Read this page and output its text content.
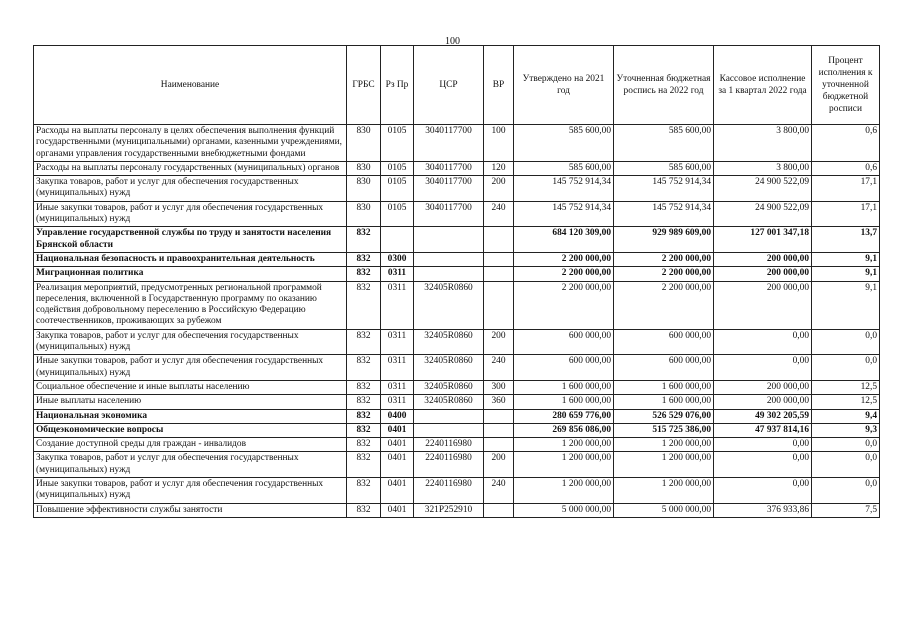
100
Наименование	ГРБС	Рз Пр	ЦСР	ВР	Утверждено на 2021 год	Уточненная бюджетная роспись на 2022 год	Кассовое исполнение за 1 квартал 2022 года	Процент исполнения к уточненной бюджетной росписи
Расходы на выплаты персоналу в целях обеспечения выполнения функций государственными (муниципальными) органами, казенными учреждениями, органами управления государственными внебюджетными фондами	830	0105	3040117700	100	585 600,00	585 600,00	3 800,00	0,6
Расходы на выплаты персоналу государственных (муниципальных) органов	830	0105	3040117700	120	585 600,00	585 600,00	3 800,00	0,6
Закупка товаров, работ и услуг для обеспечения государственных (муниципальных) нужд	830	0105	3040117700	200	145 752 914,34	145 752 914,34	24 900 522,09	17,1
Иные закупки товаров, работ и услуг для обеспечения государственных (муниципальных) нужд	830	0105	3040117700	240	145 752 914,34	145 752 914,34	24 900 522,09	17,1
Управление государственной службы по труду и занятости населения Брянской области	832				684 120 309,00	929 989 609,00	127 001 347,18	13,7
Национальная безопасность и правоохранительная деятельность	832	0300			2 200 000,00	2 200 000,00	200 000,00	9,1
Миграционная политика	832	0311			2 200 000,00	2 200 000,00	200 000,00	9,1
Реализация мероприятий, предусмотренных региональной программой переселения, включенной в Государственную программу по оказанию содействия добровольному переселению в Российскую Федерацию соотечественников, проживающих за рубежом	832	0311	32405R0860		2 200 000,00	2 200 000,00	200 000,00	9,1
Закупка товаров, работ и услуг для обеспечения государственных (муниципальных) нужд	832	0311	32405R0860	200	600 000,00	600 000,00	0,00	0,0
Иные закупки товаров, работ и услуг для обеспечения государственных (муниципальных) нужд	832	0311	32405R0860	240	600 000,00	600 000,00	0,00	0,0
Социальное обеспечение и иные выплаты населению	832	0311	32405R0860	300	1 600 000,00	1 600 000,00	200 000,00	12,5
Иные выплаты населению	832	0311	32405R0860	360	1 600 000,00	1 600 000,00	200 000,00	12,5
Национальная экономика	832	0400			280 659 776,00	526 529 076,00	49 302 205,59	9,4
Общеэкономические вопросы	832	0401			269 856 086,00	515 725 386,00	47 937 814,16	9,3
Создание доступной среды для граждан - инвалидов	832	0401	2240116980		1 200 000,00	1 200 000,00	0,00	0,0
Закупка товаров, работ и услуг для обеспечения государственных (муниципальных) нужд	832	0401	2240116980	200	1 200 000,00	1 200 000,00	0,00	0,0
Иные закупки товаров, работ и услуг для обеспечения государственных (муниципальных) нужд	832	0401	2240116980	240	1 200 000,00	1 200 000,00	0,00	0,0
Повышение эффективности службы занятости	832	0401	321P252910		5 000 000,00	5 000 000,00	376 933,86	7,5
